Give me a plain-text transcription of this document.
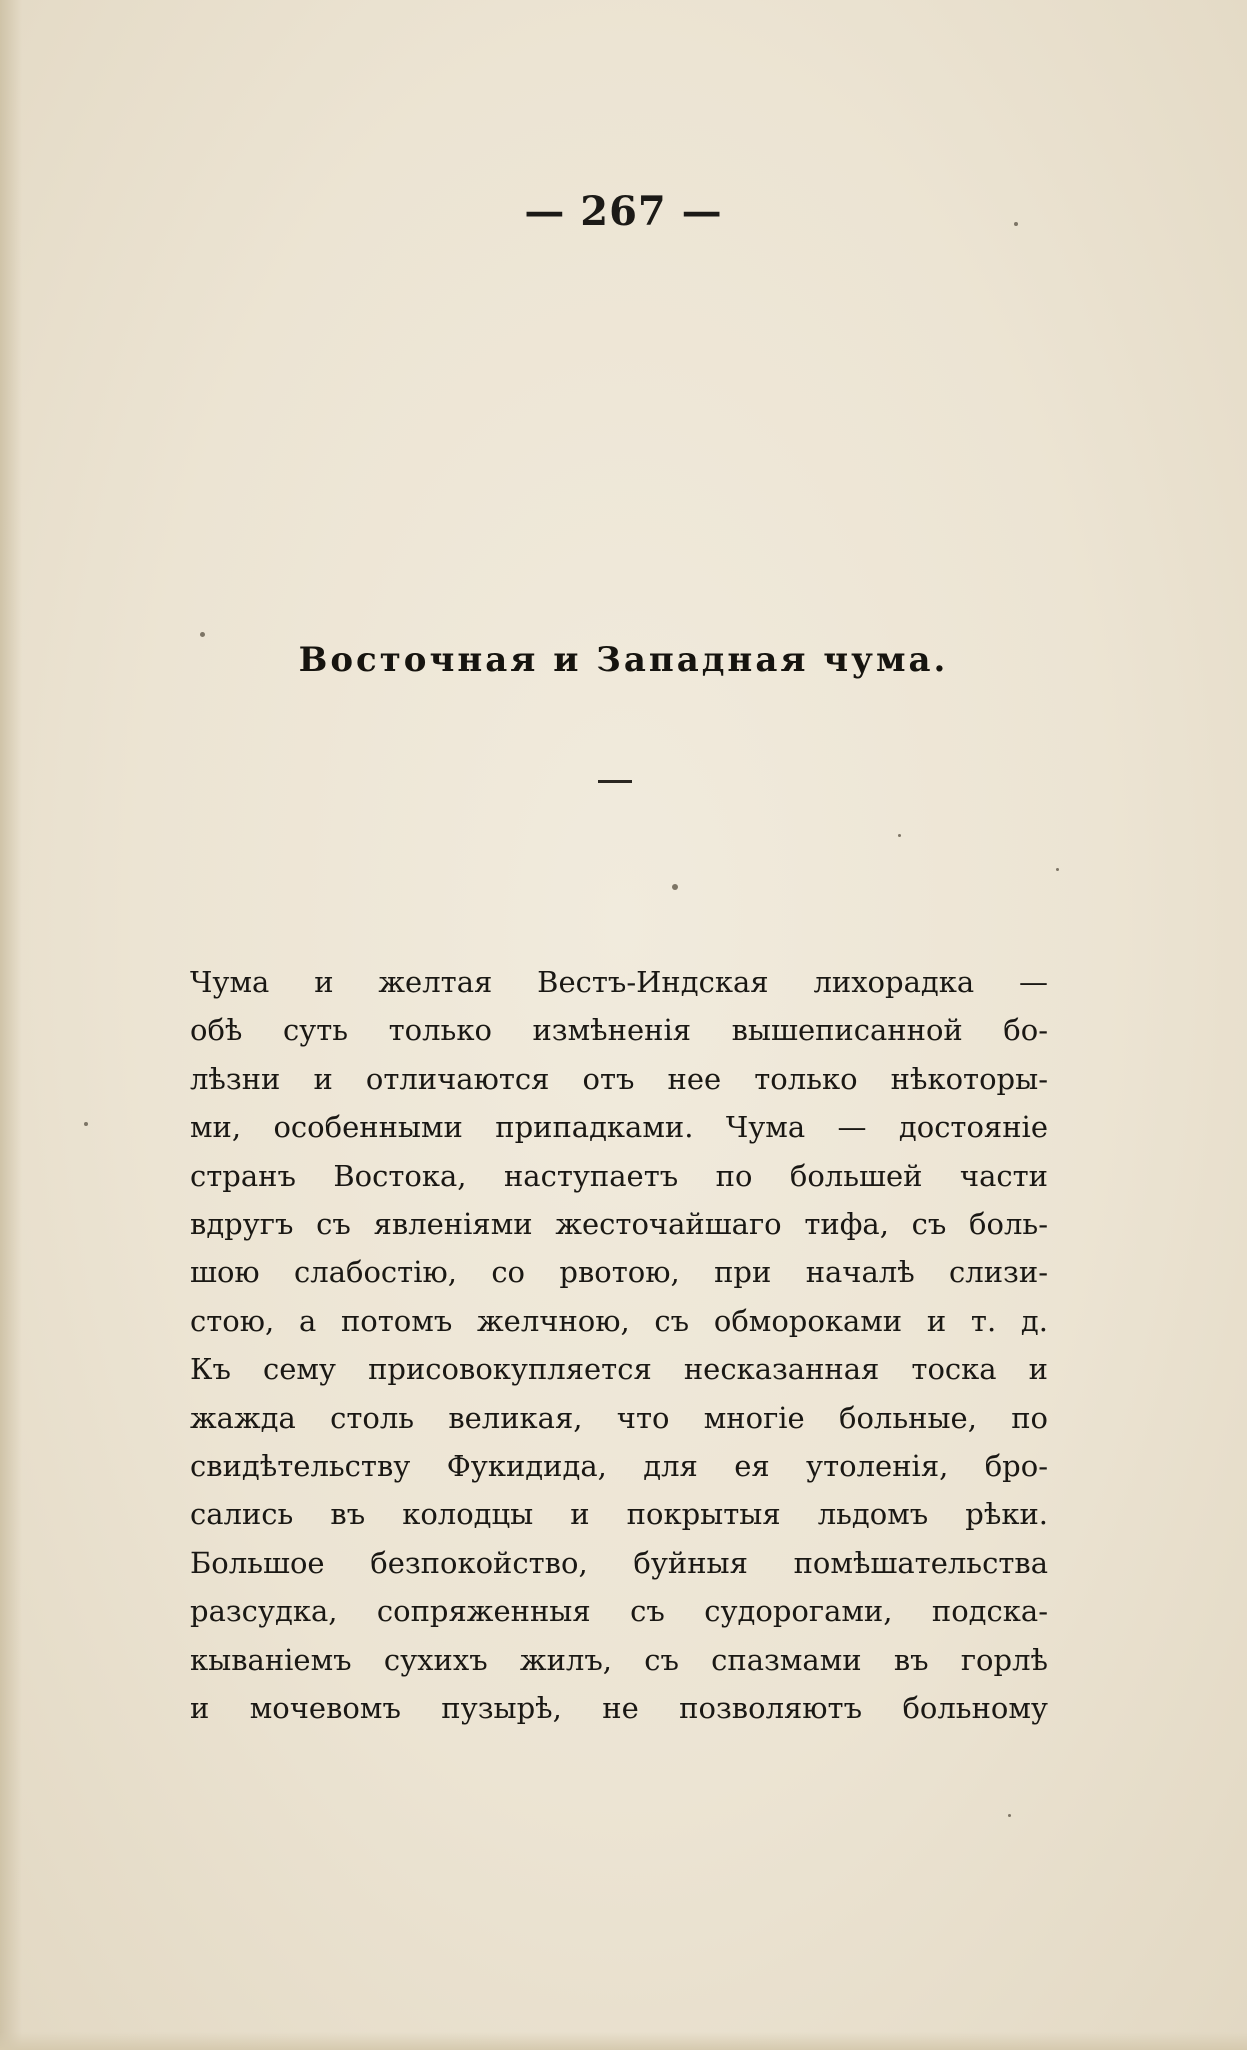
— 267 —
Восточная и Западная чума.
Чума и желтая Вестъ-Индская лихорадка —
обѣ суть только измѣненія вышеписанной бо-
лѣзни и отличаются отъ нее только нѣкоторы-
ми, особенными припадками. Чума — достояніе
странъ Востока, наступаетъ по большей части
вдругъ съ явленіями жесточайшаго тифа, съ боль-
шою слабостію, со рвотою, при началѣ слизи-
стою, а потомъ желчною, съ обмороками и т. д.
Къ сему присовокупляется несказанная тоска и
жажда столь великая, что многіе больные, по
свидѣтельству Фукидида, для ея утоленія, бро-
сались въ колодцы и покрытыя льдомъ рѣки.
Большое безпокойство, буйныя помѣшательства
разсудка, сопряженныя съ судорогами, подска-
кываніемъ сухихъ жилъ, съ спазмами въ горлѣ
и мочевомъ пузырѣ, не позволяютъ больному
